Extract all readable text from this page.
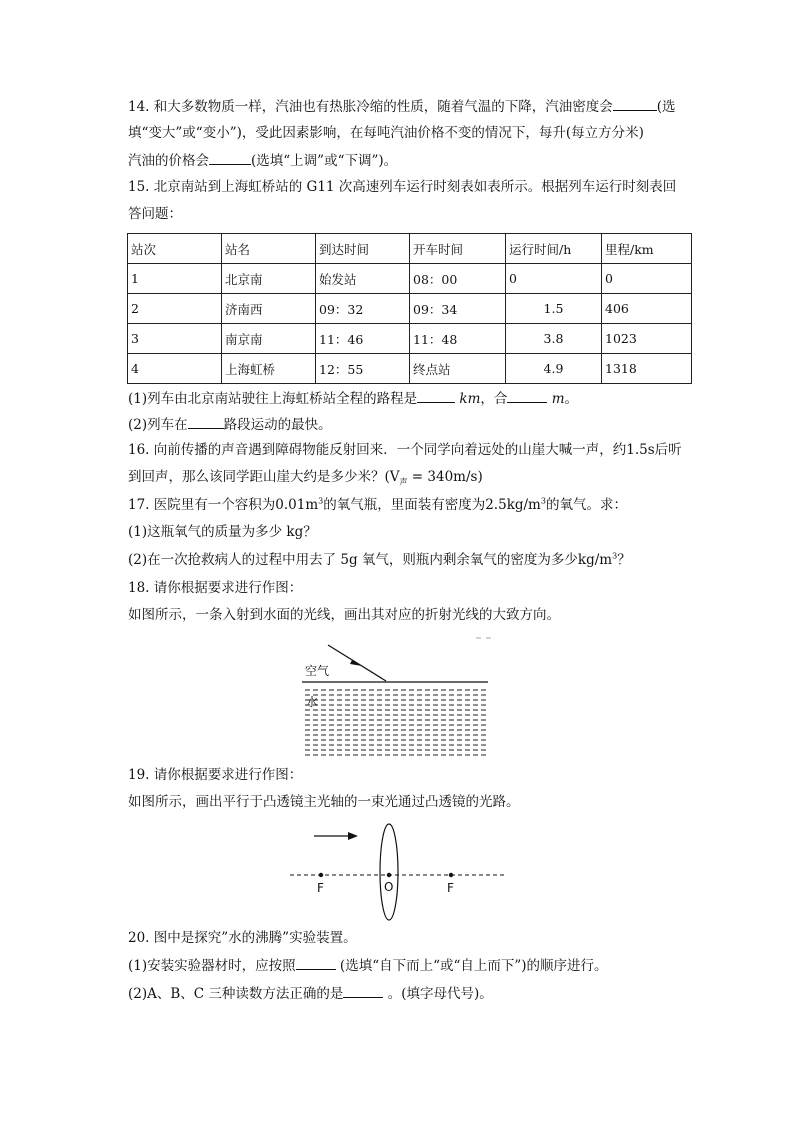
14. 和大多数物质一样，汽油也有热胀冷缩的性质，随着气温的下降，汽油密度会	(选
填“变大”或“变小”)，受此因素影响，在每吨汽油价格不变的情况下，每升(每立方分米)
汽油的价格会	(选填“上调”或“下调”)。
15. 北京南站到上海虹桥站的 G11 次高速列车运行时刻表如表所示。根据列车运行时刻表回
答问题：
站次	站名	到达时间	开车时间	运行时间/h	里程/km
1	北京南	始发站	08：00	0	0
2	济南西	09：32	09：34	1.5	406
3	南京南	11：46	11：48	3.8	1023
4	上海虹桥	12：55	终点站	4.9	1318
(1)列车由北京南站驶往上海虹桥站全程的路程是	km，合	m。
(2)列车在	路段运动的最快。
16. 向前传播的声音遇到障碍物能反射回来．一个同学向着远处的山崖大喊一声，约1.5s后听
到回声，那么该同学距山崖大约是多少米？$(V_声 = 340m/s)$
17. 医院里有一个容积为$0.01m^3$的氧气瓶，里面装有密度为$2.5kg/m^3$的氧气。求：
(1)这瓶氧气的质量为多少 kg？
(2)在一次抢救病人的过程中用去了 5g 氧气，则瓶内剩余氧气的密度为多少$kg/m^3$？
18. 请你根据要求进行作图：
如图所示，一条入射到水面的光线，画出其对应的折射光线的大致方向。
空气
水
19. 请你根据要求进行作图：
如图所示，画出平行于凸透镜主光轴的一束光通过凸透镜的光路。
F	O	F
20. 图中是探究”水的沸腾”实验装置。
(1)安装实验器材时，应按照	(选填“自下而上“或“自上而下”)的顺序进行。
(2)A、B、C 三种读数方法正确的是	。(填字母代号)。
